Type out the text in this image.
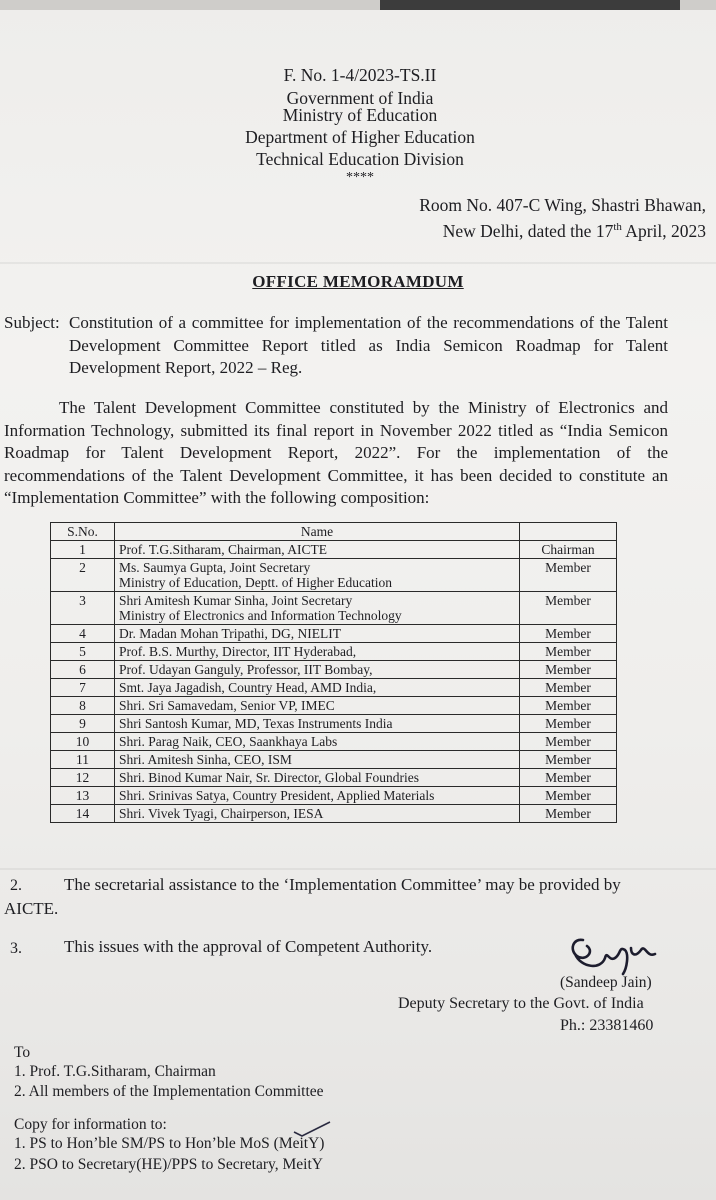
F. No. 1-4/2023-TS.II
Government of India
Ministry of Education
Department of Higher Education
Technical Education Division
****
Room No. 407-C Wing, Shastri Bhawan,
New Delhi, dated the 17th April, 2023
OFFICE MEMORAMDUM
Subject: Constitution of a committee for implementation of the recommendations of the Talent Development Committee Report titled as India Semicon Roadmap for Talent Development Report, 2022 – Reg.
The Talent Development Committee constituted by the Ministry of Electronics and Information Technology, submitted its final report in November 2022 titled as “India Semicon Roadmap for Talent Development Report, 2022”. For the implementation of the recommendations of the Talent Development Committee, it has been decided to constitute an “Implementation Committee” with the following composition:
S.No.	Name	
1	Prof. T.G.Sitharam, Chairman, AICTE	Chairman
2	Ms. Saumya Gupta, Joint Secretary
Ministry of Education, Deptt. of Higher Education	Member
3	Shri Amitesh Kumar Sinha, Joint Secretary
Ministry of Electronics and Information Technology	Member
4	Dr. Madan Mohan Tripathi, DG, NIELIT	Member
5	Prof. B.S. Murthy, Director, IIT Hyderabad,	Member
6	Prof. Udayan Ganguly, Professor, IIT Bombay,	Member
7	Smt. Jaya Jagadish, Country Head, AMD India,	Member
8	Shri. Sri Samavedam, Senior VP, IMEC	Member
9	Shri Santosh Kumar, MD, Texas Instruments India	Member
10	Shri. Parag Naik, CEO, Saankhaya Labs	Member
11	Shri. Amitesh Sinha, CEO, ISM	Member
12	Shri. Binod Kumar Nair, Sr. Director, Global Foundries	Member
13	Shri. Srinivas Satya, Country President, Applied Materials	Member
14	Shri. Vivek Tyagi, Chairperson, IESA	Member
2. The secretarial assistance to the ‘Implementation Committee’ may be provided by
AICTE.
3. This issues with the approval of Competent Authority.
(Sandeep Jain)
Deputy Secretary to the Govt. of India
Ph.: 23381460
To
1. Prof. T.G.Sitharam, Chairman
2. All members of the Implementation Committee
Copy for information to:
1. PS to Hon’ble SM/PS to Hon’ble MoS (MeitY)
2. PSO to Secretary(HE)/PPS to Secretary, MeitY
